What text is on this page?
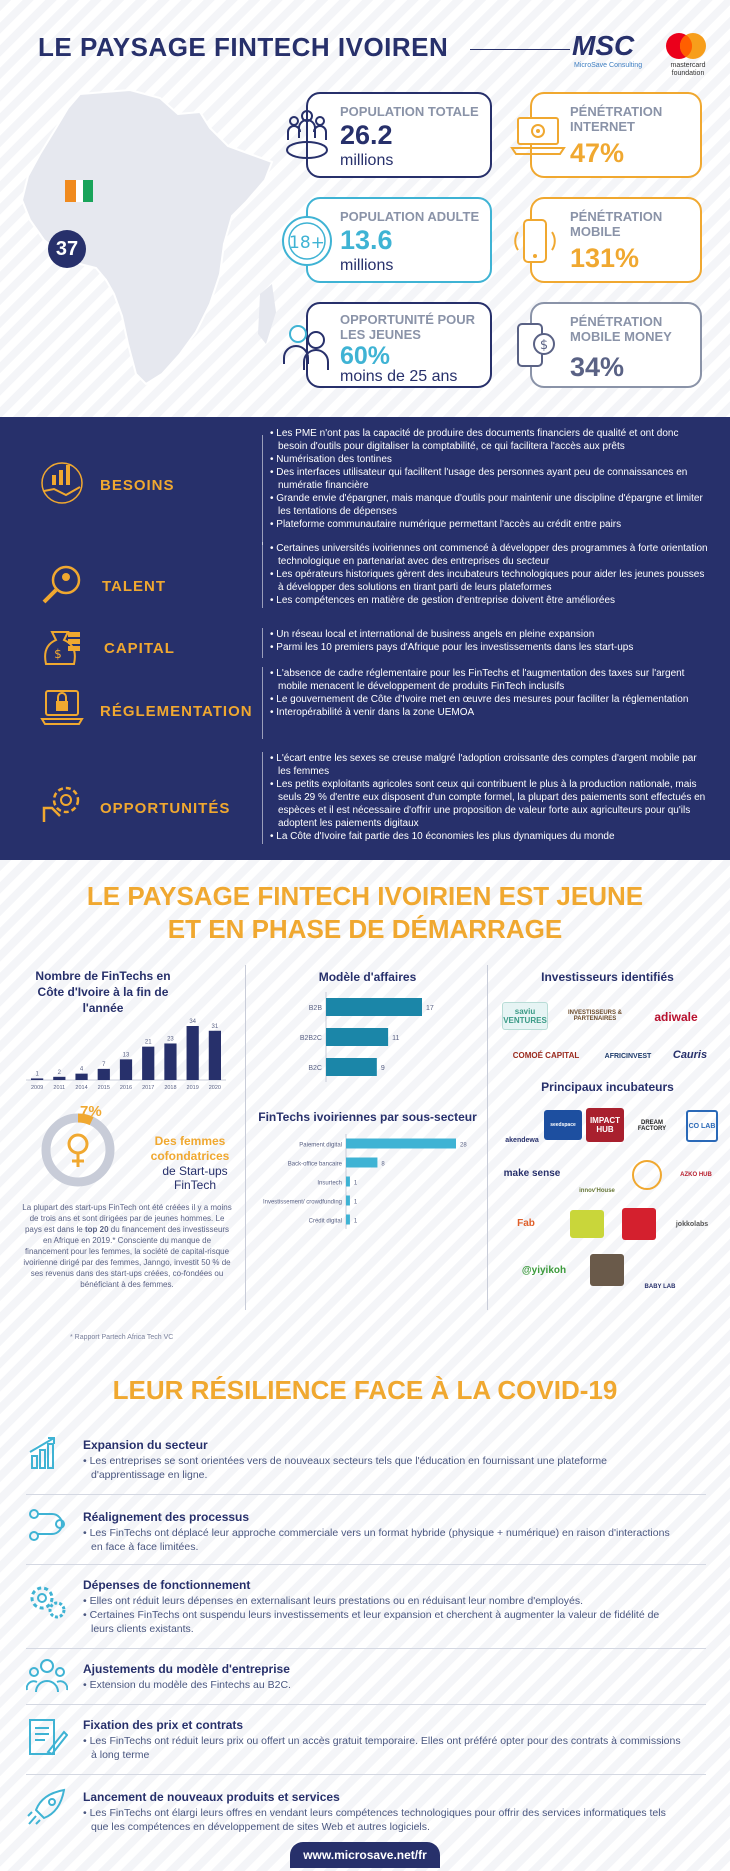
LE PAYSAGE FINTECH IVOIREN	MSC
MicroSave Consulting	mastercard foundation
37
POPULATION TOTALE
26.2
millions
PÉNÉTRATION INTERNET
47%
POPULATION ADULTE
13.6
millions
18+
PÉNÉTRATION MOBILE
131%
OPPORTUNITÉ POUR LES JEUNES
60%
moins de 25 ans
PÉNÉTRATION MOBILE MONEY
34%
$
BESOINS
• Les PME n'ont pas la capacité de produire des documents financiers de qualité et ont donc besoin d'outils pour digitaliser la comptabilité, ce qui facilitera l'accès aux prêts
• Numérisation des tontines
• Des interfaces utilisateur qui facilitent l'usage des personnes ayant peu de connaissances en numératie financière
• Grande envie d'épargner, mais manque d'outils pour maintenir une discipline d'épargne et limiter les tentations de dépenses
• Plateforme communautaire numérique permettant l'accès au crédit entre pairs
TALENT
• Certaines universités ivoiriennes ont commencé à développer des programmes à forte orientation technologique en partenariat avec des entreprises du secteur
• Les opérateurs historiques gèrent des incubateurs technologiques pour aider les jeunes pousses à développer des solutions en tirant parti de leurs plateformes
• Les compétences en matière de gestion d'entreprise doivent être améliorées
$	CAPITAL
• Un réseau local et international de business angels en pleine expansion
• Parmi les 10 premiers pays d'Afrique pour les investissements dans les start-ups
RÉGLEMENTATION
• L'absence de cadre réglementaire pour les FinTechs et l'augmentation des taxes sur l'argent mobile menacent le développement de produits FinTech inclusifs
• Le gouvernement de Côte d'Ivoire met en œuvre des mesures pour faciliter la réglementation
• Interopérabilité à venir dans la zone UEMOA
OPPORTUNITÉS
• L'écart entre les sexes se creuse malgré l'adoption croissante des comptes d'argent mobile par les femmes
• Les petits exploitants agricoles sont ceux qui contribuent le plus à la production nationale, mais seuls 29 % d'entre eux disposent d'un compte formel, la plupart des paiements sont effectués en espèces et il est nécessaire d'offrir une proposition de valeur forte aux agriculteurs pour qu'ils adoptent les paiements digitaux
• La Côte d'Ivoire fait partie des 10 économies les plus dynamiques du monde
LE PAYSAGE FINTECH IVOIRIEN EST JEUNE
ET EN PHASE DE DÉMARRAGE
Nombre de FinTechs en Côte d'Ivoire à la fin de l'année
1
2009
2
2011
4
2014
7
2015
13
2016
21
2017
23
2018
34
2019
31
2020
7%
Des femmes cofondatrices
de Start-ups FinTech
La plupart des start-ups FinTech ont été créées il y a moins de trois ans et sont dirigées par de jeunes hommes. Le pays est dans le top 20 du financement des investisseurs en Afrique en 2019.* Consciente du manque de financement pour les femmes, la société de capital-risque ivoirienne dirigé par des femmes, Janngo, investit 50 % de ses revenus dans des start-ups créées, co-fondées ou bénéficiant à des femmes.
* Rapport Partech Africa Tech VC
Modèle d'affaires
B2B	17
B2B2C	11
B2C	9
FinTechs ivoiriennes par sous-secteur
Paiement digital	28
Back-office bancaire	8
Insurtech 1
Investissement/ crowdfunding 1
Crédit digital 1
Investisseurs identifiés
saviu VENTURES
INVESTISSEURS & PARTENAIRES	adiwale
COMOÉ CAPITAL	AFRICINVEST	Cauris
Principaux incubateurs
akendewa
seedspace	IMPACT HUB
DREAM FACTORY	CO LAB
make sense
innov'House
AZKO HUB
Fab	jokkolabs
@yiyikoh
BABY LAB
LEUR RÉSILIENCE FACE À LA COVID-19
Expansion du secteur
• Les entreprises se sont orientées vers de nouveaux secteurs tels que l'éducation en fournissant une plateforme d'apprentissage en ligne.
Réalignement des processus
• Les FinTechs ont déplacé leur approche commerciale vers un format hybride (physique + numérique) en raison d'interactions en face à face limitées.
Dépenses de fonctionnement
• Elles ont réduit leurs dépenses en externalisant leurs prestations ou en réduisant leur nombre d'employés.
• Certaines FinTechs ont suspendu leurs investissements et leur expansion et cherchent à augmenter la valeur de fidélité de leurs clients existants.
Ajustements du modèle d'entreprise
• Extension du modèle des Fintechs au B2C.
Fixation des prix et contrats
• Les FinTechs ont réduit leurs prix ou offert un accès gratuit temporaire. Elles ont préféré opter pour des contrats à commissions à long terme
Lancement de nouveaux produits et services
• Les FinTechs ont élargi leurs offres en vendant leurs compétences technologiques pour offrir des services informatiques tels que les compétences en développement de sites Web et autres logiciels.
www.microsave.net/fr
